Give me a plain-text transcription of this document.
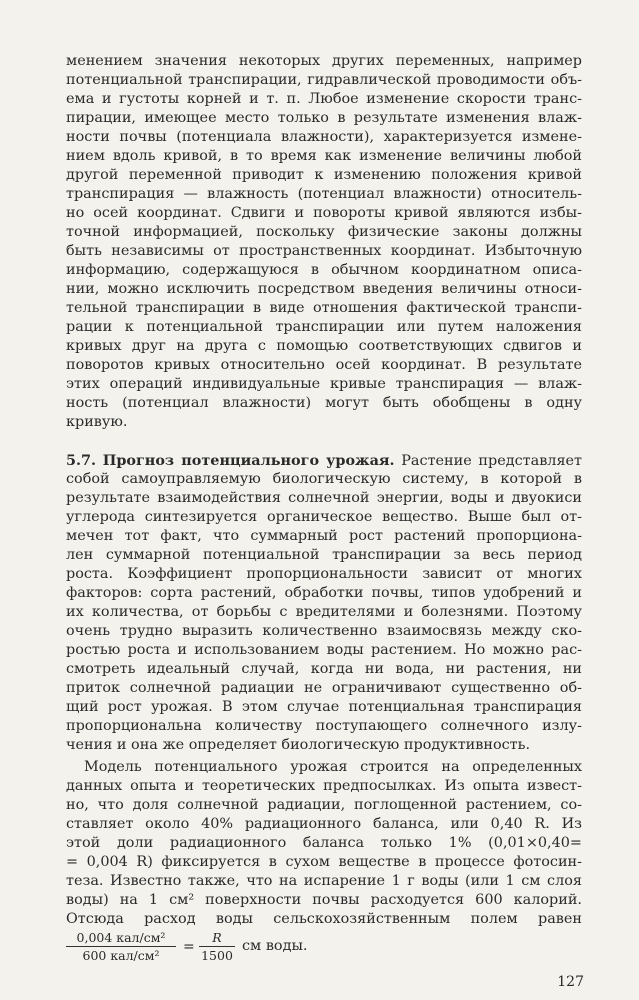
менением значения некоторых других переменных, например
потенциальной транспирации, гидравлической проводимости объ-
ема и густоты корней и т. п. Любое изменение скорости транс-
пирации, имеющее место только в результате изменения влаж-
ности почвы (потенциала влажности), характеризуется измене-
нием вдоль кривой, в то время как изменение величины любой
другой переменной приводит к изменению положения кривой
транспирация — влажность (потенциал влажности) относитель-
но осей координат. Сдвиги и повороты кривой являются избы-
точной информацией, поскольку физические законы должны
быть независимы от пространственных координат. Избыточную
информацию, содержащуюся в обычном координатном описа-
нии, можно исключить посредством введения величины относи-
тельной транспирации в виде отношения фактической транспи-
рации к потенциальной транспирации или путем наложения
кривых друг на друга с помощью соответствующих сдвигов и
поворотов кривых относительно осей координат. В результате
этих операций индивидуальные кривые транспирация — влаж-
ность (потенциал влажности) могут быть обобщены в одну
кривую.
5.7. Прогноз потенциального урожая. Растение представляет
собой самоуправляемую биологическую систему, в которой в
результате взаимодействия солнечной энергии, воды и двуокиси
углерода синтезируется органическое вещество. Выше был от-
мечен тот факт, что суммарный рост растений пропорциона-
лен суммарной потенциальной транспирации за весь период
роста. Коэффициент пропорциональности зависит от многих
факторов: сорта растений, обработки почвы, типов удобрений и
их количества, от борьбы с вредителями и болезнями. Поэтому
очень трудно выразить количественно взаимосвязь между ско-
ростью роста и использованием воды растением. Но можно рас-
смотреть идеальный случай, когда ни вода, ни растения, ни
приток солнечной радиации не ограничивают существенно об-
щий рост урожая. В этом случае потенциальная транспирация
пропорциональна количеству поступающего солнечного излу-
чения и она же определяет биологическую продуктивность.
Модель потенциального урожая строится на определенных
данных опыта и теоретических предпосылках. Из опыта извест-
но, что доля солнечной радиации, поглощенной растением, со-
ставляет около 40% радиационного баланса, или 0,40 R. Из
этой доли радиационного баланса только 1% (0,01×0,40=
= 0,004 R) фиксируется в сухом веществе в процессе фотосин-
теза. Известно также, что на испарение 1 г воды (или 1 см слоя
воды) на 1 см² поверхности почвы расходуется 600 калорий.
Отсюда расход воды сельскохозяйственным полем равен
0,004 кал/см²
600 кал/см²
= $\frac{R}{1500}$ см воды.
127
